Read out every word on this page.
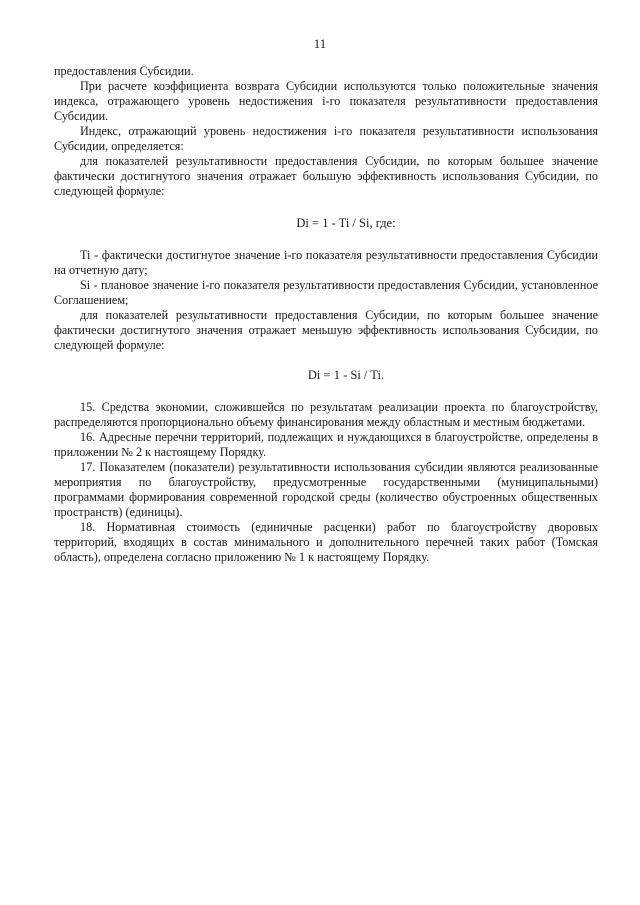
11

предоставления Субсидии.

При расчете коэффициента возврата Субсидии используются только положительные значения индекса, отражающего уровень недостижения i-го показателя результативности предоставления Субсидии.

Индекс, отражающий уровень недостижения i-го показателя результативности использования Субсидии, определяется:

для показателей результативности предоставления Субсидии, по которым большее значение фактически достигнутого значения отражает большую эффективность использования Субсидии, по следующей формуле:

Di = 1 - Ti / Si, где:

Ti - фактически достигнутое значение i-го показателя результативности предоставления Субсидии на отчетную дату;

Si - плановое значение i-го показателя результативности предоставления Субсидии, установленное Соглашением;

для показателей результативности предоставления Субсидии, по которым большее значение фактически достигнутого значения отражает меньшую эффективность использования Субсидии, по следующей формуле:

Di = 1 - Si / Ti.

15. Средства экономии, сложившейся по результатам реализации проекта по благоустройству, распределяются пропорционально объему финансирования между областным и местным бюджетами.

16. Адресные перечни территорий, подлежащих и нуждающихся в благоустройстве, определены в приложении № 2 к настоящему Порядку.

17. Показателем (показатели) результативности использования субсидии являются реализованные мероприятия по благоустройству, предусмотренные государственными (муниципальными) программами формирования современной городской среды (количество обустроенных общественных пространств) (единицы).

18. Нормативная стоимость (единичные расценки) работ по благоустройству дворовых территорий, входящих в состав минимального и дополнительного перечней таких работ (Томская область), определена согласно приложению № 1 к настоящему Порядку.
